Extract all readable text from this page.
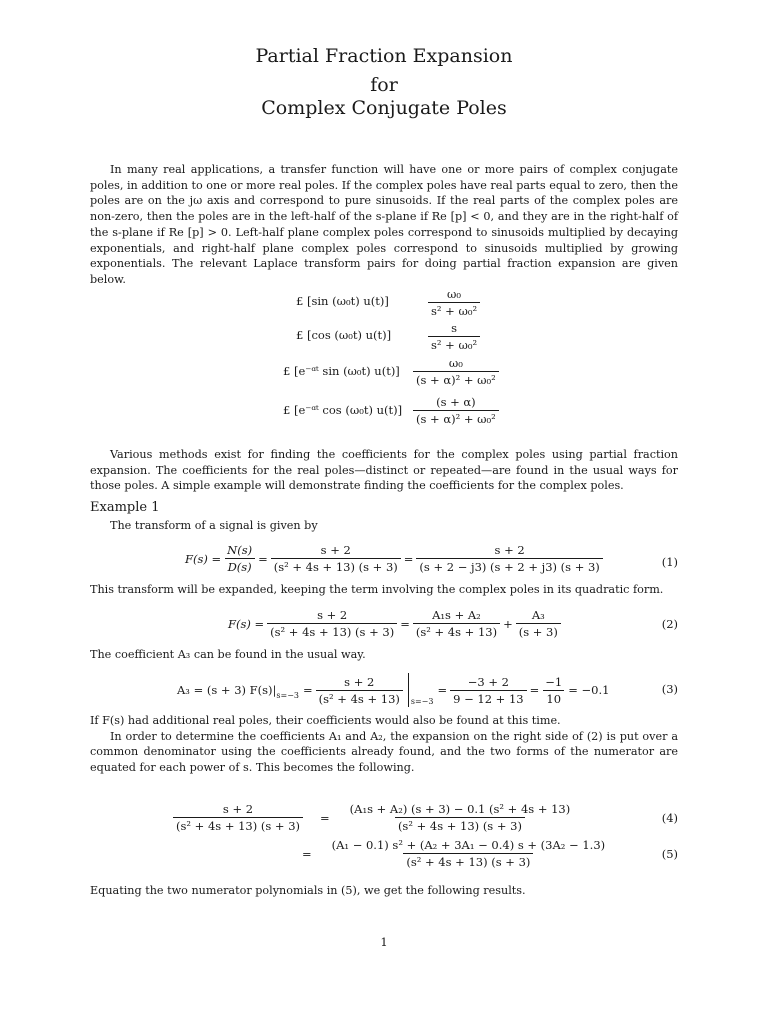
Partial Fraction Expansion
for
Complex Conjugate Poles

In many real applications, a transfer function will have one or more pairs of complex conjugate poles, in addition to one or more real poles. If the complex poles have real parts equal to zero, then the poles are on the jω axis and correspond to pure sinusoids. If the real parts of the complex poles are non-zero, then the poles are in the left-half of the s-plane if Re [p] < 0, and they are in the right-half of the s-plane if Re [p] > 0. Left-half plane complex poles correspond to sinusoids multiplied by decaying exponentials, and right-half plane complex poles correspond to sinusoids multiplied by growing exponentials. The relevant Laplace transform pairs for doing partial fraction expansion are given below.

£ [sin (ω₀t) u(t)]	$\frac{\text{ω₀}}{\text{s² + ω₀²}}$
£ [cos (ω₀t) u(t)]	$\frac{s}{\text{s² + ω₀²}}$
£ [e⁻ᵅᵗ sin (ω₀t) $u(t)] \frac{\text{ω₀}}{\text{(s + α)² + ω₀²}}$
£ [e⁻ᵅᵗ cos (ω₀t) $u(t)] \frac{(s + \alpha)}{\text{(s + α)² + ω₀²}}$

Various methods exist for finding the coefficients for the complex poles using partial fraction expansion. The coefficients for the real poles—distinct or repeated—are found in the usual ways for those poles. A simple example will demonstrate finding the coefficients for the complex poles.

Example 1

The transform of a signal is given by

$F(s) = \frac{N(s)}{D(s)} = \frac{s + 2}{\text{(s² + 4s + 13) (s + 3)}} = \frac{s + 2}{(s + 2 - j3) (s + 2 + j3) (s + 3)}$	(1)

This transform will be expanded, keeping the term involving the complex poles in its quadratic form.

$F(s) = \frac{s + 2}{\text{(s² + 4s + 13) (s + 3)}} = \frac{\text{A₁s + A₂}}{\text{(s² + 4s + 13)}} + \frac{\text{A₃}}{(s + 3)}$	(2)

The coefficient A₃ can be found in the usual way.

A₃ = (s + 3) $F(s)|_{s=-3} = \frac{s + 2}{\text{(s² + 4s + 13)}} _{s=-3}$
= $\frac{-3 + 2}{9 - 12 + 13} = \frac{-1}{10} = -0.1$	(3)

If F(s) had additional real poles, their coefficients would also be found at this time.

In order to determine the coefficients A₁ and A₂, the expansion on the right side of (2) is put over a common denominator using the coefficients already found, and the two forms of the numerator are equated for each power of s. This becomes the following.

$\frac{s + 2}{\text{(s² + 4s + 13) (s + 3)}} = \frac{\text{(A₁s + A₂) (s + 3) − 0.1 (s² + 4s + 13)}}{\text{(s² + 4s + 13) (s + 3)}}$	(4)
= $\frac{\text{(A₁ − 0.1) s² + (A₂ + 3A₁ − 0.4) s + (3A₂ − 1.3)}}{\text{(s² + 4s + 13) (s + 3)}}$	(5)

Equating the two numerator polynomials in (5), we get the following results.

1
